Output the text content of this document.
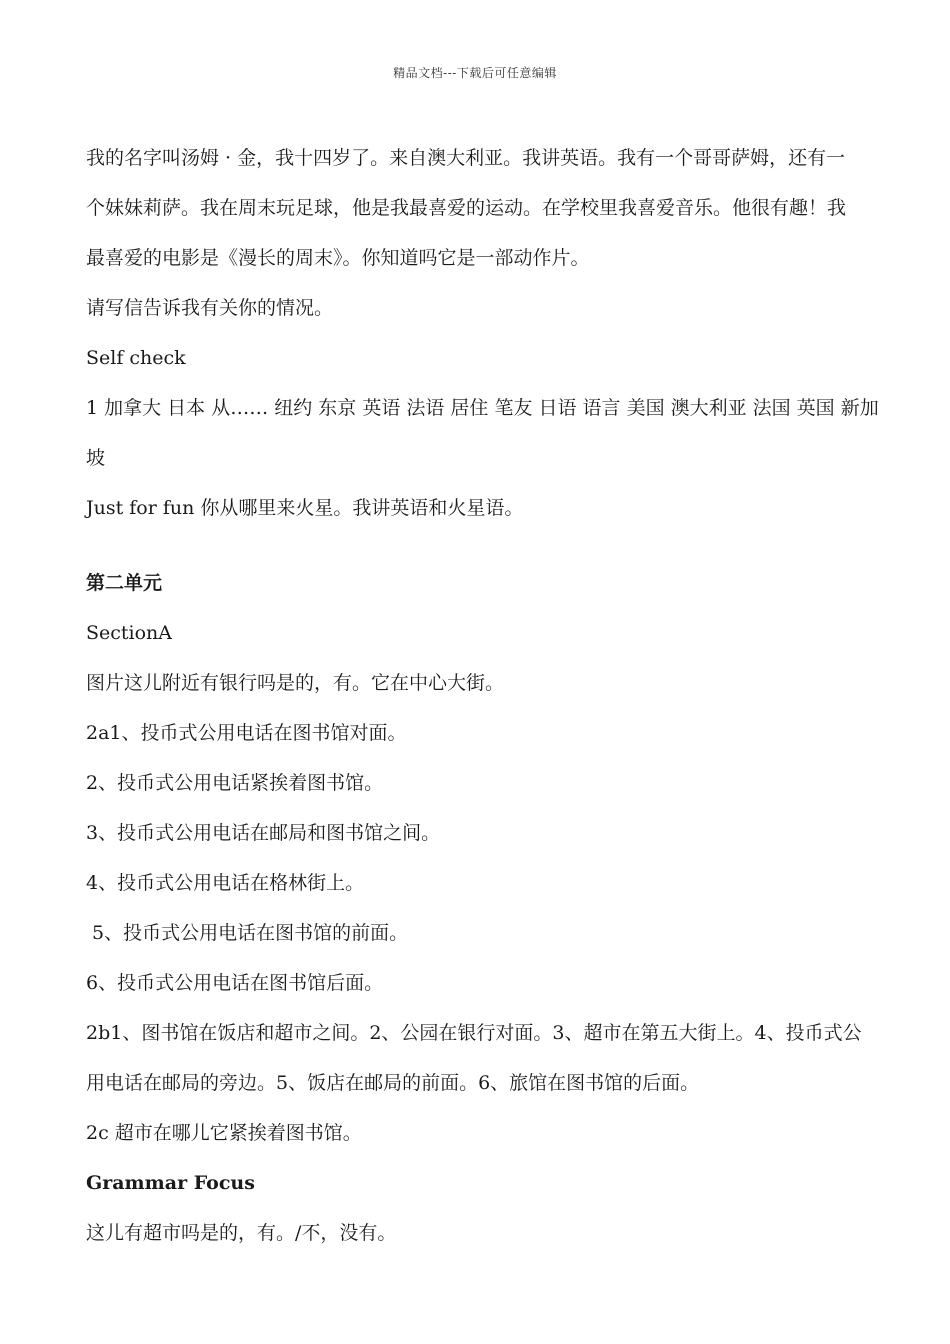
精品文档---下载后可任意编辑

我的名字叫汤姆 · 金，我十四岁了。来自澳大利亚。我讲英语。我有一个哥哥萨姆，还有一

个妹妹莉萨。我在周末玩足球，他是我最喜爱的运动。在学校里我喜爱音乐。他很有趣！我

最喜爱的电影是《漫长的周末》。你知道吗它是一部动作片。

请写信告诉我有关你的情况。

Self check

1 加拿大 日本 从…… 纽约 东京 英语 法语 居住 笔友 日语 语言 美国 澳大利亚 法国 英国 新加

坡

Just for fun 你从哪里来火星。我讲英语和火星语。

第二单元

SectionA

图片这儿附近有银行吗是的，有。它在中心大街。

2a1、投币式公用电话在图书馆对面。

2、投币式公用电话紧挨着图书馆。

3、投币式公用电话在邮局和图书馆之间。

4、投币式公用电话在格林街上。

5、投币式公用电话在图书馆的前面。

6、投币式公用电话在图书馆后面。

2b1、图书馆在饭店和超市之间。2、公园在银行对面。3、超市在第五大街上。4、投币式公

用电话在邮局的旁边。5、饭店在邮局的前面。6、旅馆在图书馆的后面。

2c 超市在哪儿它紧挨着图书馆。

Grammar Focus

这儿有超市吗是的，有。/不，没有。
